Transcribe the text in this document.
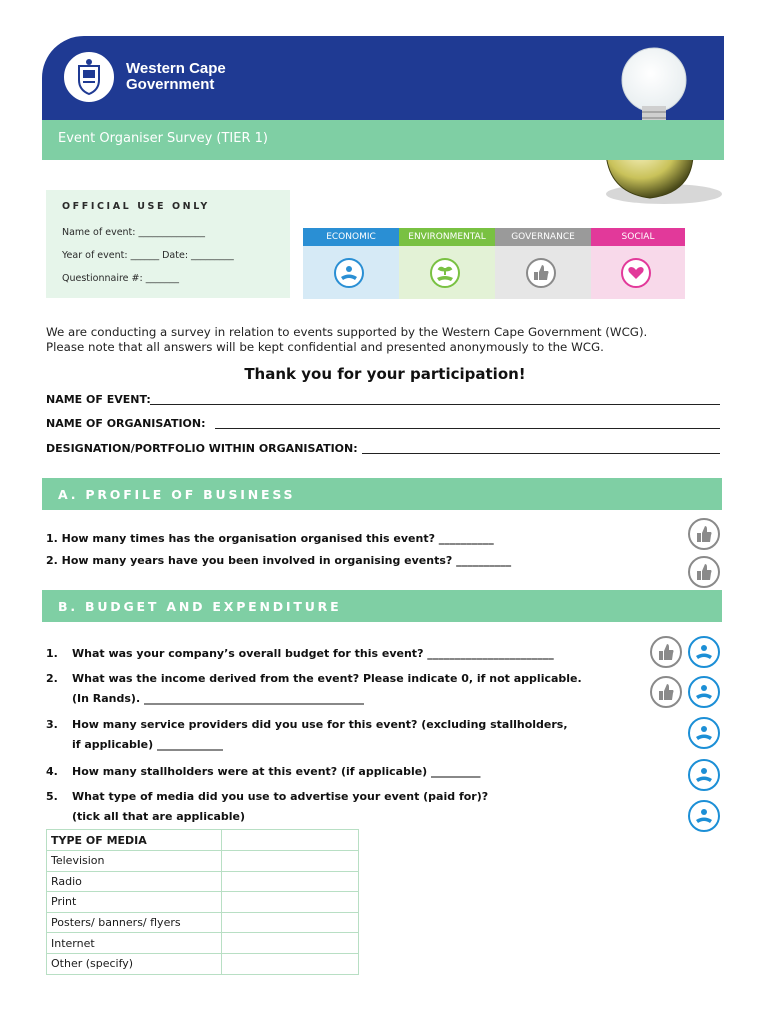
Western Cape
Government
Event Organiser Survey (TIER 1)
OFFICIAL USE ONLY
Name of event: ______________
Year of event: ______ Date: _________
Questionnaire #: _______
ECONOMIC	ENVIRONMENTAL	GOVERNANCE	SOCIAL
We are conducting a survey in relation to events supported by the Western Cape Government (WCG).
Please note that all answers will be kept confidential and presented anonymously to the WCG.
Thank you for your participation!
NAME OF EVENT:
NAME OF ORGANISATION:
DESIGNATION/PORTFOLIO WITHIN ORGANISATION:
A. PROFILE OF BUSINESS
1. How many times has the organisation organised this event? __________
2. How many years have you been involved in organising events? __________
B. BUDGET AND EXPENDITURE
1. What was your company’s overall budget for this event? _______________________
2. What was the income derived from the event? Please indicate 0, if not applicable.
(In Rands). ________________________________________
3. How many service providers did you use for this event? (excluding stallholders,
if applicable) ____________
4. How many stallholders were at this event? (if applicable) _________
5. What type of media did you use to advertise your event (paid for)?
(tick all that are applicable)
TYPE OF MEDIA	
Television	
Radio	
Print	
Posters/ banners/ flyers	
Internet	
Other (specify)	
